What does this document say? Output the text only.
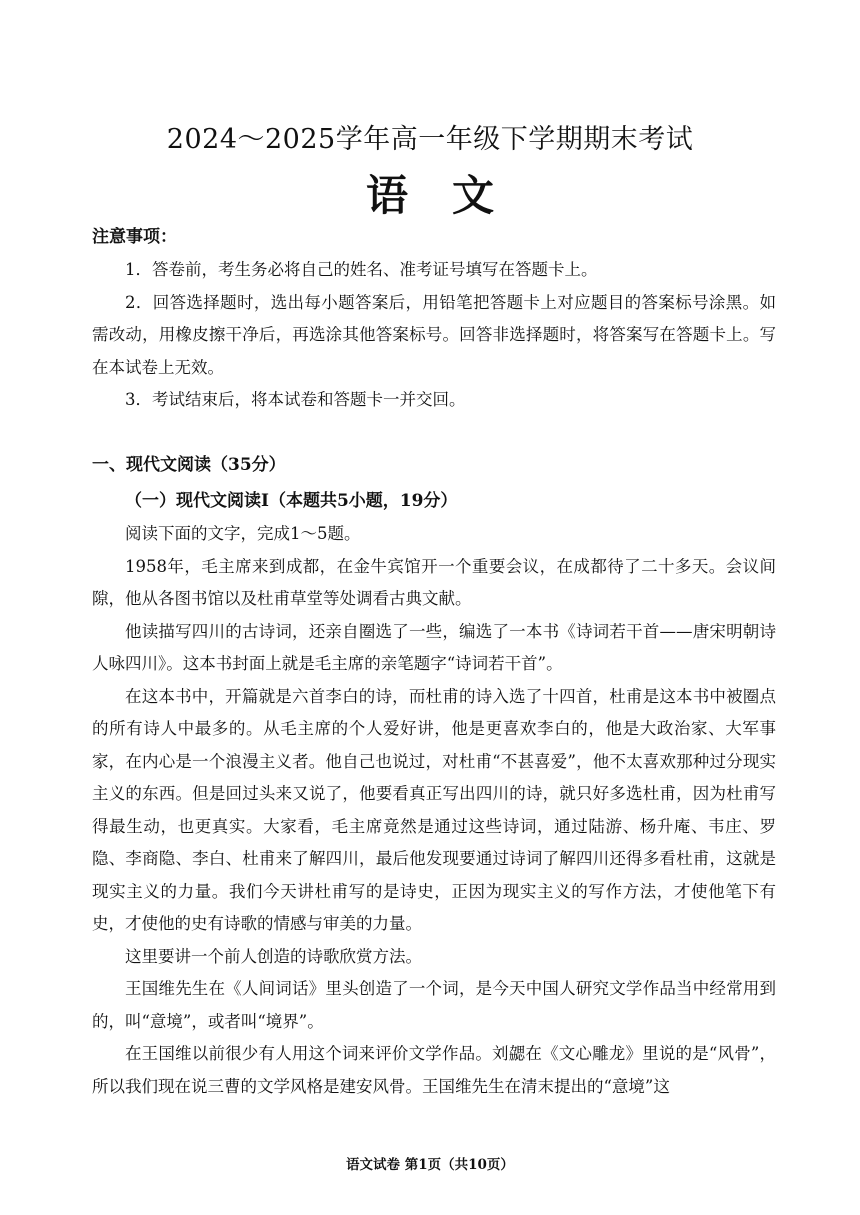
2024～2025学年高一年级下学期期末考试
语文
注意事项：

1．答卷前，考生务必将自己的姓名、准考证号填写在答题卡上。

2．回答选择题时，选出每小题答案后，用铅笔把答题卡上对应题目的答案标号涂黑。如需改动，用橡皮擦干净后，再选涂其他答案标号。回答非选择题时，将答案写在答题卡上。写在本试卷上无效。

3．考试结束后，将本试卷和答题卡一并交回。

一、现代文阅读（35分）
（一）现代文阅读Ⅰ（本题共5小题，19分）

阅读下面的文字，完成1～5题。

1958年，毛主席来到成都，在金牛宾馆开一个重要会议，在成都待了二十多天。会议间隙，他从各图书馆以及杜甫草堂等处调看古典文献。

他读描写四川的古诗词，还亲自圈选了一些，编选了一本书《诗词若干首——唐宋明朝诗人咏四川》。这本书封面上就是毛主席的亲笔题字“诗词若干首”。

在这本书中，开篇就是六首李白的诗，而杜甫的诗入选了十四首，杜甫是这本书中被圈点的所有诗人中最多的。从毛主席的个人爱好讲，他是更喜欢李白的，他是大政治家、大军事家，在内心是一个浪漫主义者。他自己也说过，对杜甫“不甚喜爱”，他不太喜欢那种过分现实主义的东西。但是回过头来又说了，他要看真正写出四川的诗，就只好多选杜甫，因为杜甫写得最生动，也更真实。大家看，毛主席竟然是通过这些诗词，通过陆游、杨升庵、韦庄、罗隐、李商隐、李白、杜甫来了解四川，最后他发现要通过诗词了解四川还得多看杜甫，这就是现实主义的力量。我们今天讲杜甫写的是诗史，正因为现实主义的写作方法，才使他笔下有史，才使他的史有诗歌的情感与审美的力量。

这里要讲一个前人创造的诗歌欣赏方法。

王国维先生在《人间词话》里头创造了一个词，是今天中国人研究文学作品当中经常用到的，叫“意境”，或者叫“境界”。

在王国维以前很少有人用这个词来评价文学作品。刘勰在《文心雕龙》里说的是“风骨”，所以我们现在说三曹的文学风格是建安风骨。王国维先生在清末提出的“意境”这

语文试卷 第1页（共10页）
